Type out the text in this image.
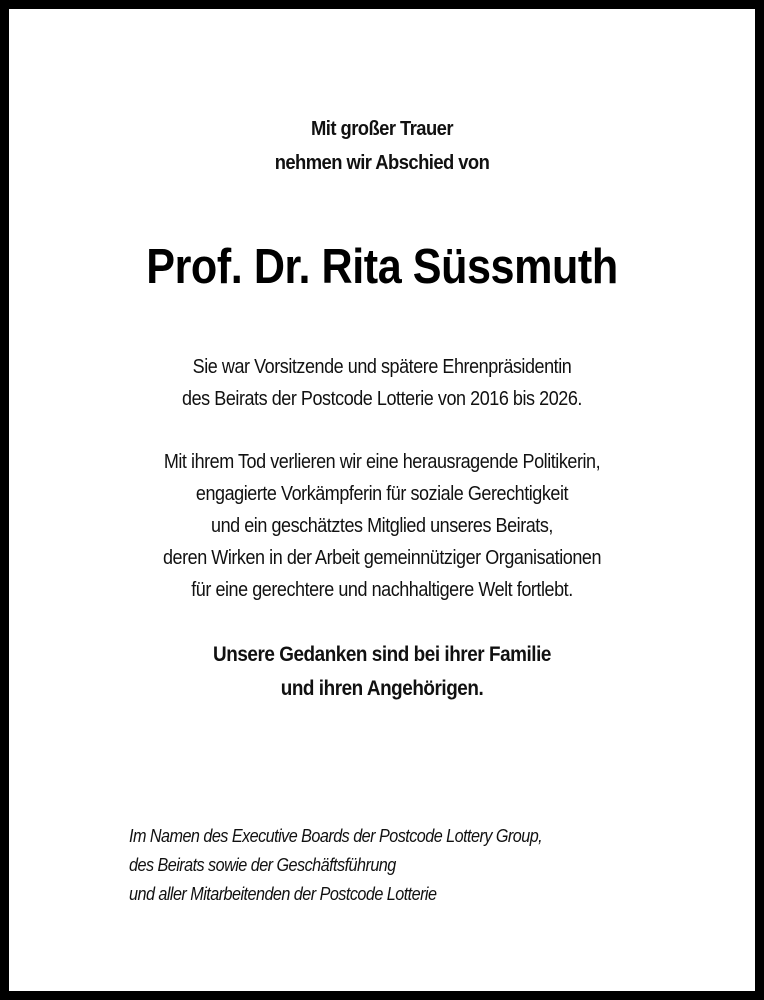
Mit großer Trauer
nehmen wir Abschied von
Prof. Dr. Rita Süssmuth
Sie war Vorsitzende und spätere Ehrenpräsidentin
des Beirats der Postcode Lotterie von 2016 bis 2026.
Mit ihrem Tod verlieren wir eine herausragende Politikerin,
engagierte Vorkämpferin für soziale Gerechtigkeit
und ein geschätztes Mitglied unseres Beirats,
deren Wirken in der Arbeit gemeinnütziger Organisationen
für eine gerechtere und nachhaltigere Welt fortlebt.
Unsere Gedanken sind bei ihrer Familie
und ihren Angehörigen.
Im Namen des Executive Boards der Postcode Lottery Group,
des Beirats sowie der Geschäftsführung
und aller Mitarbeitenden der Postcode Lotterie
